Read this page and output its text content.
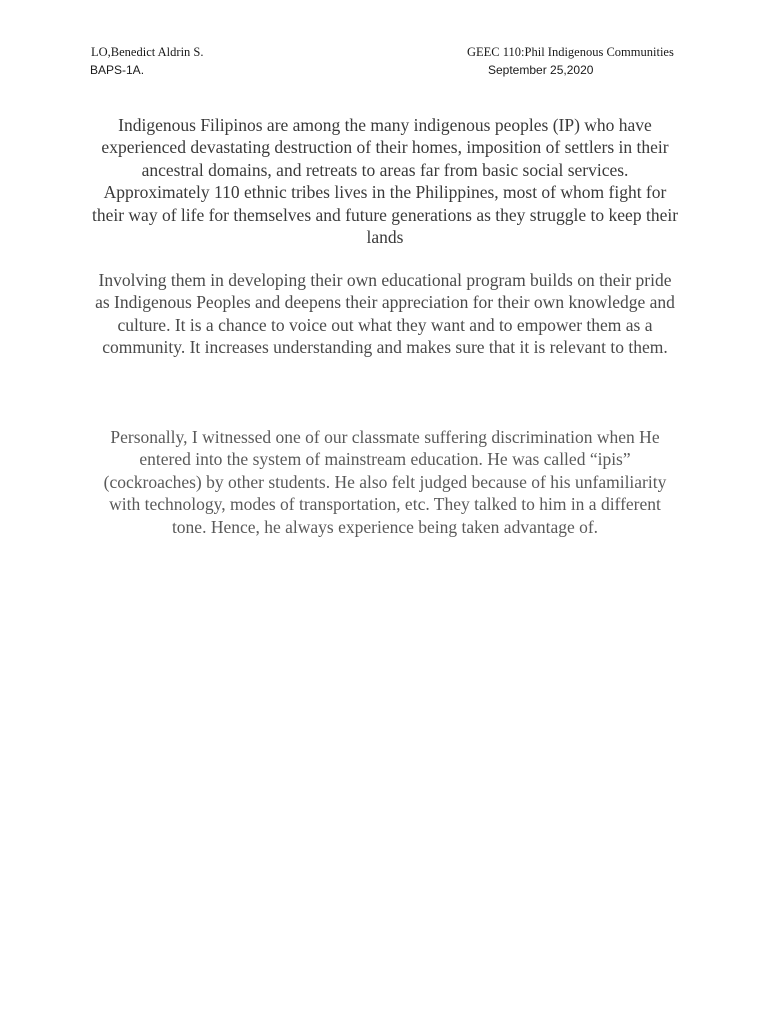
LO,Benedict Aldrin S.	GEEC 110:Phil Indigenous Communities
BAPS-1A.	September 25,2020

Indigenous Filipinos are among the many indigenous peoples (IP) who have experienced devastating destruction of their homes, imposition of settlers in their ancestral domains, and retreats to areas far from basic social services. Approximately 110 ethnic tribes lives in the Philippines, most of whom fight for their way of life for themselves and future generations as they struggle to keep their lands

Involving them in developing their own educational program builds on their pride as Indigenous Peoples and deepens their appreciation for their own knowledge and culture. It is a chance to voice out what they want and to empower them as a community. It increases understanding and makes sure that it is relevant to them.

Personally, I witnessed one of our classmate suffering discrimination when He entered into the system of mainstream education. He was called “ipis” (cockroaches) by other students. He also felt judged because of his unfamiliarity with technology, modes of transportation, etc. They talked to him in a different tone. Hence, he always experience being taken advantage of.
